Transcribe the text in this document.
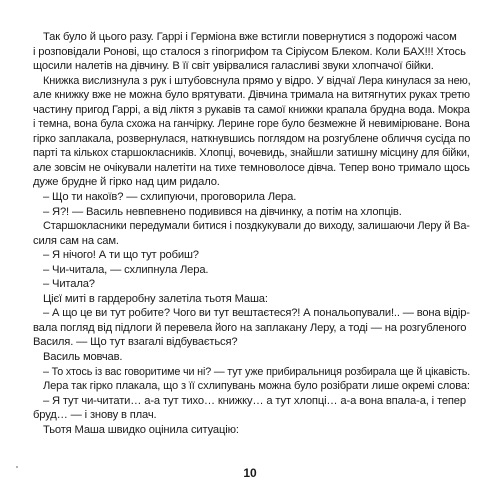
Так було й цього разу. Гаррі і Герміона вже встигли повернутися з подорожі часом
і розповідали Ронові, що сталося з гіпогрифом та Сіріусом Блеком. Коли БАХ!!! Хтось
щосили налетів на дівчину. В її світ увірвалися галасливі звуки хлопчачої бійки.
Книжка вислизнула з рук і штубовснула прямо у відро. У відчаї Лера кинулася за нею,
але книжку вже не можна було врятувати. Дівчина тримала на витягнутих руках третю
частину пригод Гаррі, а від ліктя з рукавів та самої книжки крапала брудна вода. Мокра
і темна, вона була схожа на ганчірку. Лерине горе було безмежне й невимірюване. Вона
гірко заплакала, розвернулася, наткнувшись поглядом на розгублене обличчя сусіда по
парті та кількох старшокласників. Хлопці, вочевидь, знайшли затишну місцину для бійки,
але зовсім не очікували налетіти на тихе темноволосе дівча. Тепер воно тримало щось
дуже брудне й гірко над цим ридало.
– Що ти накоїв? — схлипуючи, проговорила Лера.
– Я?! — Василь невпевнено подивився на дівчинку, а потім на хлопців.
Старшокласники передумали битися і поздкукували до виходу, залишаючи Леру й Ва-
силя сам на сам.
– Я нічого! А ти що тут робиш?
– Чи-читала, — схлипнула Лера.
– Читала?
Цієї миті в гардеробну залетіла тьотя Маша:
– А що це ви тут робите? Чого ви тут вештаєтеся?! А пональопували!.. — вона відір-
вала погляд від підлоги й перевела його на заплакану Леру, а тоді — на розгубленого
Василя. — Що тут взагалі відбувається?
Василь мовчав.
– То хтось із вас говоритиме чи ні? — тут уже прибиральниця розбирала ще й цікавість.
Лера так гірко плакала, що з її схлипувань можна було розібрати лише окремі слова:
– Я тут чи-читати… а-а тут тихо… книжку… а тут хлопці… а-а вона впала-а, і тепер
бруд… — і знову в плач.
Тьотя Маша швидко оцінила ситуацію:
10
